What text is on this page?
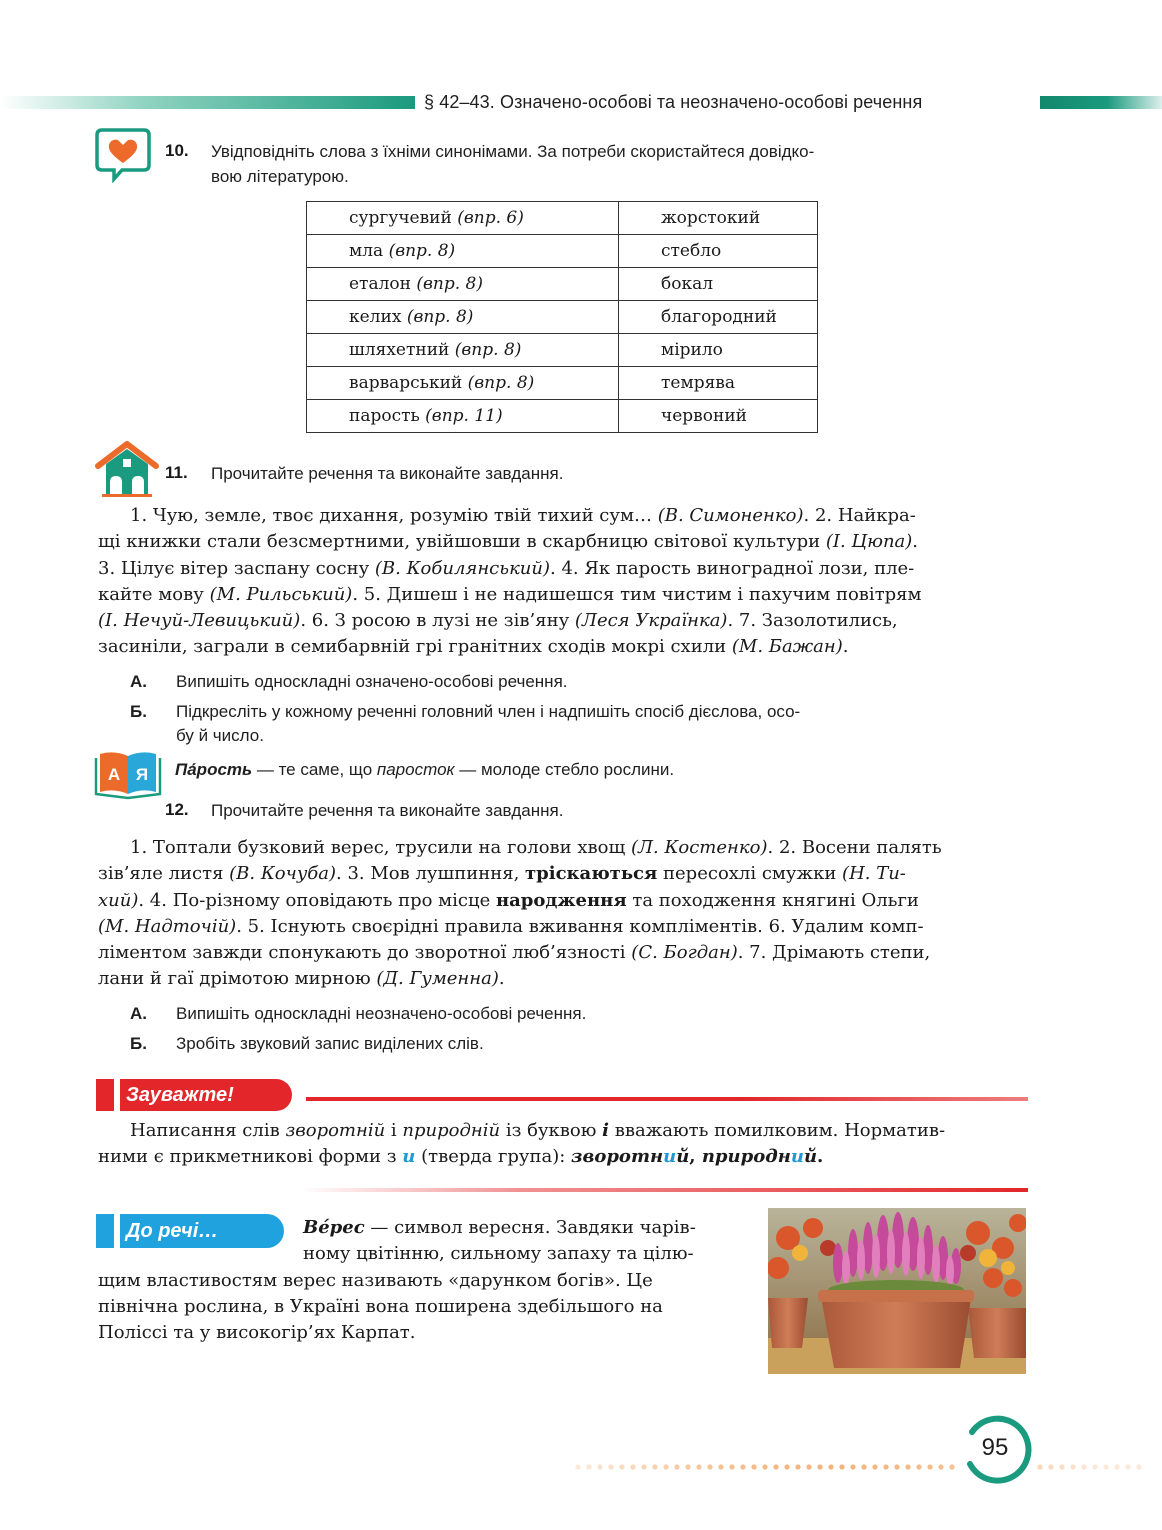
§ 42–43. Означено-особові та неозначено-особові речення
10. Увідповідніть слова з їхніми синонімами. За потреби скористайтеся довідко-
вою літературою.
сургучевий (впр. 6)	жорстокий
мла (впр. 8)	стебло
еталон (впр. 8)	бокал
келих (впр. 8)	благородний
шляхетний (впр. 8)	мірило
варварський (впр. 8)	темрява
парость (впр. 11)	червоний
11. Прочитайте речення та виконайте завдання.
1. Чую, земле, твоє дихання, розумію твій тихий сум… (В. Симоненко). 2. Найкра-
щі книжки стали безсмертними, увійшовши в скарбницю світової культури (І. Цюпа).
3. Цілує вітер заспану сосну (В. Кобилянський). 4. Як парость виноградної лози, пле-
кайте мову (М. Рильський). 5. Дишеш і не надишешся тим чистим і пахучим повітрям
(І. Нечуй-Левицький). 6. З росою в лузі не зів’яну (Леся Українка). 7. Зазолотились,
засиніли, заграли в семибарвній грі гранітних сходів мокрі схили (М. Бажан).
А. Випишіть односкладні означено-особові речення.
Б. Підкресліть у кожному реченні головний член і надпишіть спосіб дієслова, осо-
бу й число.
А Я Па́рость — те саме, що паросток — молоде стебло рослини.
12. Прочитайте речення та виконайте завдання.
1. Топтали бузковий верес, трусили на голови хвощ (Л. Костенко). 2. Восени палять
зів’яле листя (В. Кочуба). 3. Мов лушпиння, тріскаються пересохлі смужки (Н. Ти-
хий). 4. По-різному оповідають про місце народження та походження княгині Ольги
(М. Надточій). 5. Існують своєрідні правила вживання компліментів. 6. Удалим комп-
ліментом завжди спонукають до зворотної люб’язності (С. Богдан). 7. Дрімають степи,
лани й гаї дрімотою мирною (Д. Гуменна).
А. Випишіть односкладні неозначено-особові речення.
Б. Зробіть звуковий запис виділених слів.
Зауважте!
Написання слів зворотній і природній із буквою і вважають помилковим. Норматив-
ними є прикметникові форми з и (тверда група): зворотний, природний.
До речі…	Ве́рес — символ вересня. Завдяки чарів-
ному цвітінню, сильному запаху та цілю-
щим властивостям верес називають «дарунком богів». Це
північна рослина, в Україні вона поширена здебільшого на
Поліссі та у високогір’ях Карпат.
95
